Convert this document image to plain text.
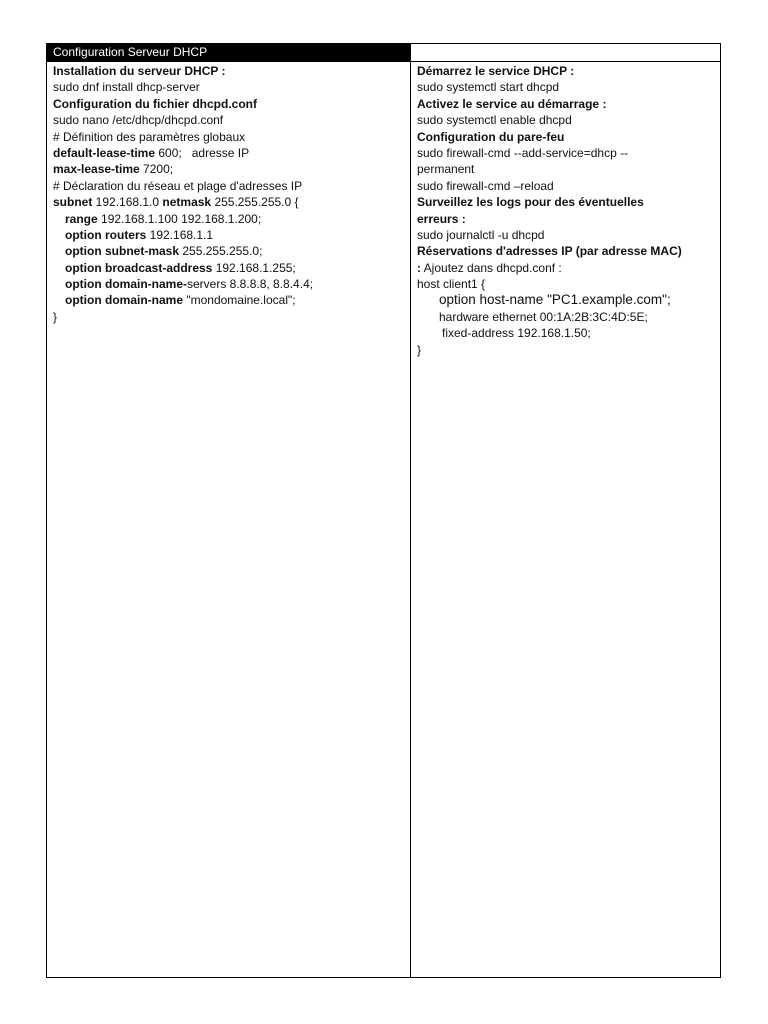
Configuration Serveur DHCP
Installation du serveur DHCP :
sudo dnf install dhcp-server
Configuration du fichier dhcpd.conf
sudo nano /etc/dhcp/dhcpd.conf
# Définition des paramètres globaux
default-lease-time 600;   adresse IP
max-lease-time 7200;
# Déclaration du réseau et plage d'adresses IP
subnet 192.168.1.0 netmask 255.255.255.0 {
range 192.168.1.100 192.168.1.200;
option routers 192.168.1.1
option subnet-mask 255.255.255.0;
option broadcast-address 192.168.1.255;
option domain-name-servers 8.8.8.8, 8.8.4.4;
option domain-name "mondomaine.local";
}
Démarrez le service DHCP :
sudo systemctl start dhcpd
Activez le service au démarrage :
sudo systemctl enable dhcpd
Configuration du pare-feu
sudo firewall-cmd --add-service=dhcp --
permanent
sudo firewall-cmd –reload
Surveillez les logs pour des éventuelles
erreurs :
sudo journalctl -u dhcpd
Réservations d'adresses IP (par adresse MAC)
: Ajoutez dans dhcpd.conf :
host client1 {
option host-name "PC1.example.com";
hardware ethernet 00:1A:2B:3C:4D:5E;
fixed-address 192.168.1.50;
}
